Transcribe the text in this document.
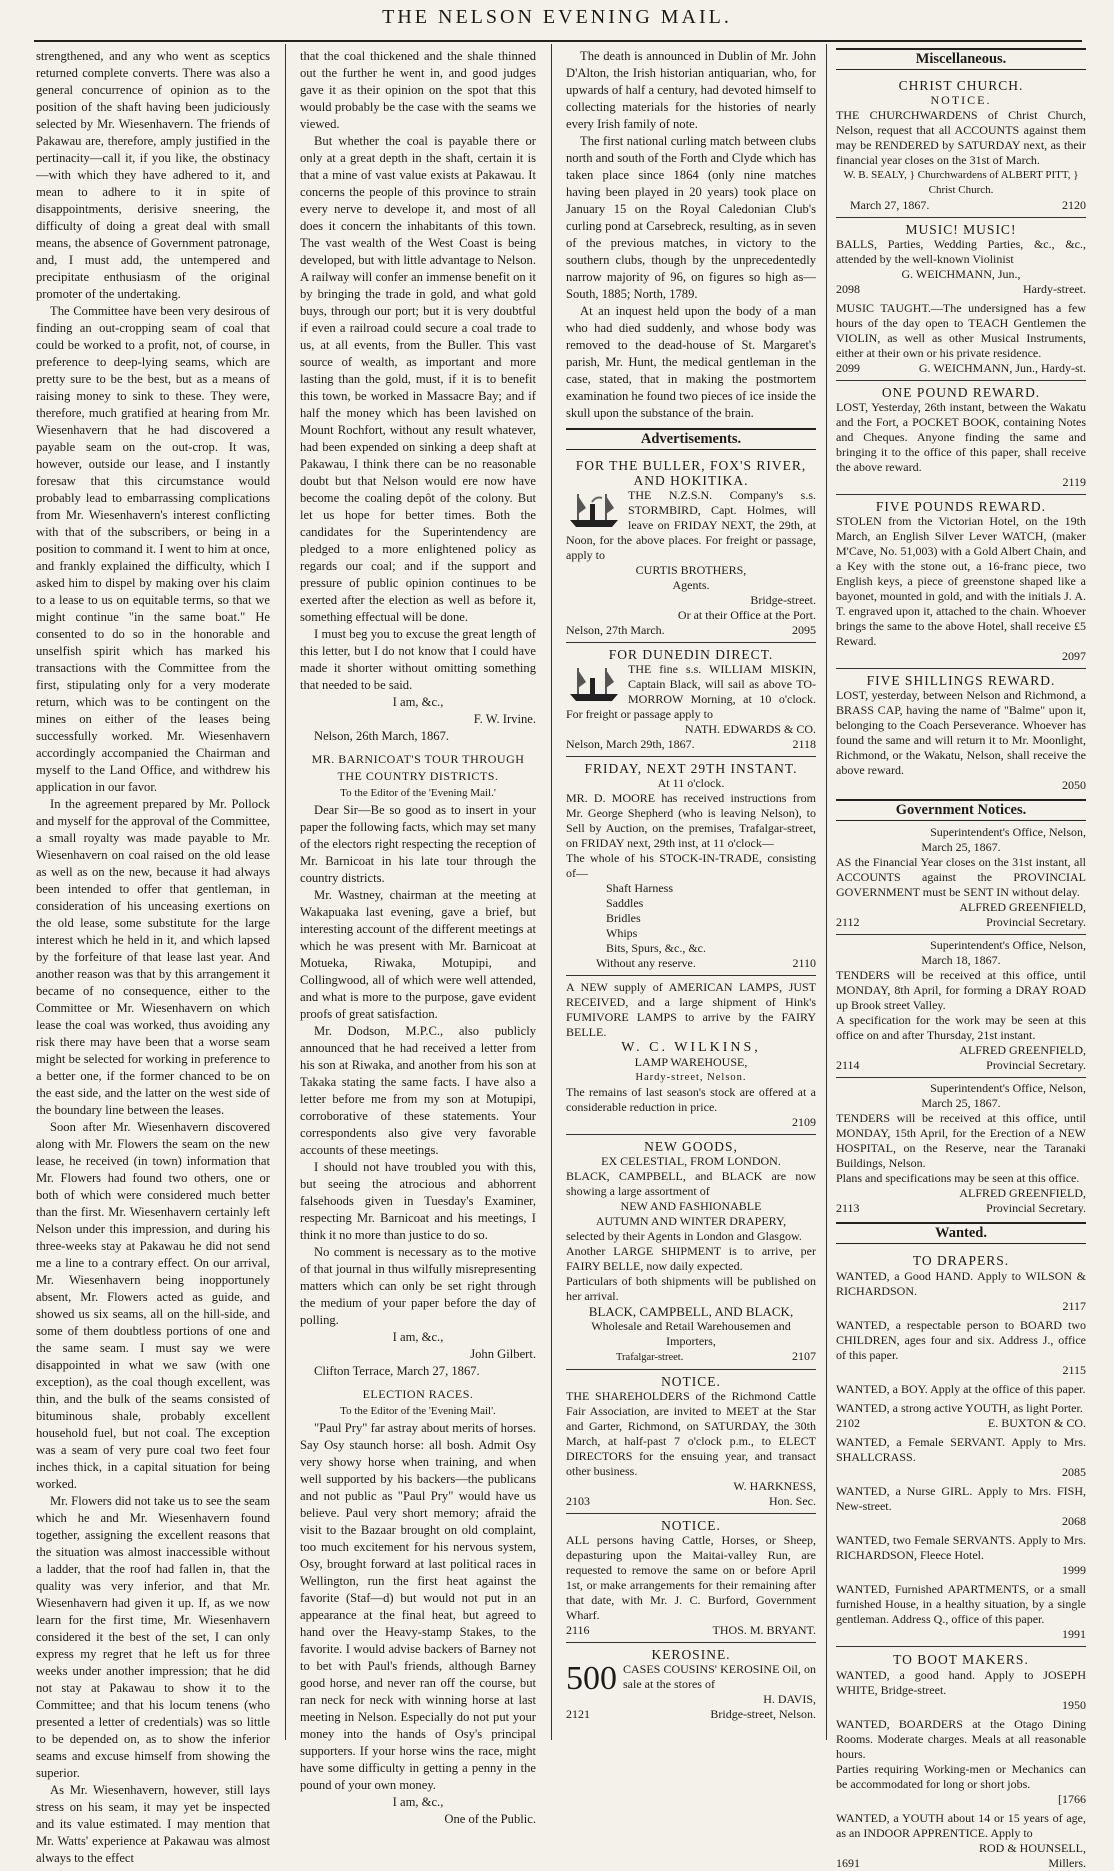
THE NELSON EVENING MAIL.

strengthened, and any who went as sceptics returned complete converts. There was also a general concurrence of opinion as to the position of the shaft having been judiciously selected by Mr. Wiesenhavern. The friends of Pakawau are, therefore, amply justified in the pertinacity—call it, if you like, the obstinacy—with which they have adhered to it, and mean to adhere to it in spite of disappointments, derisive sneering, the difficulty of doing a great deal with small means, the absence of Government patronage, and, I must add, the untempered and precipitate enthusiasm of the original promoter of the undertaking.

The Committee have been very desirous of finding an out-cropping seam of coal that could be worked to a profit, not, of course, in preference to deep-lying seams, which are pretty sure to be the best, but as a means of raising money to sink to these. They were, therefore, much gratified at hearing from Mr. Wiesenhavern that he had discovered a payable seam on the out-crop. It was, however, outside our lease, and I instantly foresaw that this circumstance would probably lead to embarrassing complications from Mr. Wiesenhavern's interest conflicting with that of the subscribers, or being in a position to command it. I went to him at once, and frankly explained the difficulty, which I asked him to dispel by making over his claim to a lease to us on equitable terms, so that we might continue "in the same boat." He consented to do so in the honorable and unselfish spirit which has marked his transactions with the Committee from the first, stipulating only for a very moderate return, which was to be contingent on the mines on either of the leases being successfully worked. Mr. Wiesenhavern accordingly accompanied the Chairman and myself to the Land Office, and withdrew his application in our favor.

In the agreement prepared by Mr. Pollock and myself for the approval of the Committee, a small royalty was made payable to Mr. Wiesenhavern on coal raised on the old lease as well as on the new, because it had always been intended to offer that gentleman, in consideration of his unceasing exertions on the old lease, some substitute for the large interest which he held in it, and which lapsed by the forfeiture of that lease last year. And another reason was that by this arrangement it became of no consequence, either to the Committee or Mr. Wiesenhavern on which lease the coal was worked, thus avoiding any risk there may have been that a worse seam might be selected for working in preference to a better one, if the former chanced to be on the east side, and the latter on the west side of the boundary line between the leases.

Soon after Mr. Wiesenhavern discovered along with Mr. Flowers the seam on the new lease, he received (in town) information that Mr. Flowers had found two others, one or both of which were considered much better than the first. Mr. Wiesenhavern certainly left Nelson under this impression, and during his three-weeks stay at Pakawau he did not send me a line to a contrary effect. On our arrival, Mr. Wiesenhavern being inopportunely absent, Mr. Flowers acted as guide, and showed us six seams, all on the hill-side, and some of them doubtless portions of one and the same seam. I must say we were disappointed in what we saw (with one exception), as the coal though excellent, was thin, and the bulk of the seams consisted of bituminous shale, probably excellent household fuel, but not coal. The exception was a seam of very pure coal two feet four inches thick, in a capital situation for being worked.

Mr. Flowers did not take us to see the seam which he and Mr. Wiesenhavern found together, assigning the excellent reasons that the situation was almost inaccessible without a ladder, that the roof had fallen in, that the quality was very inferior, and that Mr. Wiesenhavern had given it up. If, as we now learn for the first time, Mr. Wiesenhavern considered it the best of the set, I can only express my regret that he left us for three weeks under another impression; that he did not stay at Pakawau to show it to the Committee; and that his locum tenens (who presented a letter of credentials) was so little to be depended on, as to show the inferior seams and excuse himself from showing the superior.

As Mr. Wiesenhavern, however, still lays stress on his seam, it may yet be inspected and its value estimated. I may mention that Mr. Watts' experience at Pakawau was almost always to the effect

that the coal thickened and the shale thinned out the further he went in, and good judges gave it as their opinion on the spot that this would probably be the case with the seams we viewed.

But whether the coal is payable there or only at a great depth in the shaft, certain it is that a mine of vast value exists at Pakawau. It concerns the people of this province to strain every nerve to develope it, and most of all does it concern the inhabitants of this town. The vast wealth of the West Coast is being developed, but with little advantage to Nelson. A railway will confer an immense benefit on it by bringing the trade in gold, and what gold buys, through our port; but it is very doubtful if even a railroad could secure a coal trade to us, at all events, from the Buller. This vast source of wealth, as important and more lasting than the gold, must, if it is to benefit this town, be worked in Massacre Bay; and if half the money which has been lavished on Mount Rochfort, without any result whatever, had been expended on sinking a deep shaft at Pakawau, I think there can be no reasonable doubt but that Nelson would ere now have become the coaling depôt of the colony. But let us hope for better times. Both the candidates for the Superintendency are pledged to a more enlightened policy as regards our coal; and if the support and pressure of public opinion continues to be exerted after the election as well as before it, something effectual will be done.

I must beg you to excuse the great length of this letter, but I do not know that I could have made it shorter without omitting something that needed to be said.

I am, &c.,

F. W. Irvine.

Nelson, 26th March, 1867.

MR. BARNICOAT'S TOUR THROUGH THE COUNTRY DISTRICTS.

To the Editor of the 'Evening Mail.'

Dear Sir—Be so good as to insert in your paper the following facts, which may set many of the electors right respecting the reception of Mr. Barnicoat in his late tour through the country districts.

Mr. Wastney, chairman at the meeting at Wakapuaka last evening, gave a brief, but interesting account of the different meetings at which he was present with Mr. Barnicoat at Motueka, Riwaka, Motupipi, and Collingwood, all of which were well attended, and what is more to the purpose, gave evident proofs of great satisfaction.

Mr. Dodson, M.P.C., also publicly announced that he had received a letter from his son at Riwaka, and another from his son at Takaka stating the same facts. I have also a letter before me from my son at Motupipi, corroborative of these statements. Your correspondents also give very favorable accounts of these meetings.

I should not have troubled you with this, but seeing the atrocious and abhorrent falsehoods given in Tuesday's Examiner, respecting Mr. Barnicoat and his meetings, I think it no more than justice to do so.

No comment is necessary as to the motive of that journal in thus wilfully misrepresenting matters which can only be set right through the medium of your paper before the day of polling.

I am, &c.,

John Gilbert.

Clifton Terrace, March 27, 1867.

ELECTION RACES.

To the Editor of the 'Evening Mail'.

"Paul Pry" far astray about merits of horses. Say Osy staunch horse: all bosh. Admit Osy very showy horse when training, and when well supported by his backers—the publicans and not public as "Paul Pry" would have us believe. Paul very short memory; afraid the visit to the Bazaar brought on old complaint, too much excitement for his nervous system, Osy, brought forward at last political races in Wellington, run the first heat against the favorite (Staf—d) but would not put in an appearance at the final heat, but agreed to hand over the Heavy-stamp Stakes, to the favorite. I would advise backers of Barney not to bet with Paul's friends, although Barney good horse, and never ran off the course, but ran neck for neck with winning horse at last meeting in Nelson. Especially do not put your money into the hands of Osy's principal supporters. If your horse wins the race, might have some difficulty in getting a penny in the pound of your own money.

I am, &c.,

One of the Public.

The death is announced in Dublin of Mr. John D'Alton, the Irish historian antiquarian, who, for upwards of half a century, had devoted himself to collecting materials for the histories of nearly every Irish family of note.

The first national curling match between clubs north and south of the Forth and Clyde which has taken place since 1864 (only nine matches having been played in 20 years) took place on January 15 on the Royal Caledonian Club's curling pond at Carsebreck, resulting, as in seven of the previous matches, in victory to the southern clubs, though by the unprecedentedly narrow majority of 96, on figures so high as—South, 1885; North, 1789.

At an inquest held upon the body of a man who had died suddenly, and whose body was removed to the dead-house of St. Margaret's parish, Mr. Hunt, the medical gentleman in the case, stated, that in making the postmortem examination he found two pieces of ice inside the skull upon the substance of the brain.

Advertisements.

FOR THE BULLER, FOX'S RIVER, AND HOKITIKA.

THE N.Z.S.N. Company's s.s. STORMBIRD, Capt. Holmes, will leave on FRIDAY NEXT, the 29th, at Noon, for the above places. For freight or passage, apply to

CURTIS BROTHERS,

Agents.

Bridge-street.

Or at their Office at the Port.

Nelson, 27th March.	2095

FOR DUNEDIN DIRECT.

THE fine s.s. WILLIAM MISKIN, Captain Black, will sail as above TO-MORROW Morning, at 10 o'clock. For freight or passage apply to

NATH. EDWARDS & CO.

Nelson, March 29th, 1867.	2118

FRIDAY, NEXT 29TH INSTANT.

At 11 o'clock.

MR. D. MOORE has received instructions from Mr. George Shepherd (who is leaving Nelson), to Sell by Auction, on the premises, Trafalgar-street, on FRIDAY next, 29th inst, at 11 o'clock—

The whole of his STOCK-IN-TRADE, consisting of—

Shaft Harness

Saddles

Bridles

Whips

Bits, Spurs, &c., &c.

Without any reserve.	2110

A NEW supply of AMERICAN LAMPS, JUST RECEIVED, and a large shipment of Hink's FUMIVORE LAMPS to arrive by the FAIRY BELLE.

W. C. WILKINS,

LAMP WAREHOUSE,

Hardy-street, Nelson.

The remains of last season's stock are offered at a considerable reduction in price.

2109

NEW GOODS,

EX CELESTIAL, FROM LONDON.

BLACK, CAMPBELL, and BLACK are now showing a large assortment of

NEW AND FASHIONABLE

AUTUMN AND WINTER DRAPERY,

selected by their Agents in London and Glasgow.

Another LARGE SHIPMENT is to arrive, per FAIRY BELLE, now daily expected.

Particulars of both shipments will be published on her arrival.

BLACK, CAMPBELL, AND BLACK,

Wholesale and Retail Warehousemen and Importers,

Trafalgar-street.	2107

NOTICE.

THE SHAREHOLDERS of the Richmond Cattle Fair Association, are invited to MEET at the Star and Garter, Richmond, on SATURDAY, the 30th March, at half-past 7 o'clock p.m., to ELECT DIRECTORS for the ensuing year, and transact other business.

W. HARKNESS,

2103	Hon. Sec.

NOTICE.

ALL persons having Cattle, Horses, or Sheep, depasturing upon the Maitai-valley Run, are requested to remove the same on or before April 1st, or make arrangements for their remaining after that date, with Mr. J. C. Burford, Government Wharf.

2116	THOS. M. BRYANT.

KEROSINE.

500 CASES COUSINS' KEROSINE Oil, on sale at the stores of

H. DAVIS,

2121	Bridge-street, Nelson.

Miscellaneous.

CHRIST CHURCH.

NOTICE.

THE CHURCHWARDENS of Christ Church, Nelson, request that all ACCOUNTS against them may be RENDERED by SATURDAY next, as their financial year closes on the 31st of March.

W. B. SEALY, } Churchwardens of ALBERT PITT, } Christ Church.

March 27, 1867.	2120

MUSIC! MUSIC!

BALLS, Parties, Wedding Parties, &c., &c., attended by the well-known Violinist

G. WEICHMANN, Jun.,

2098	Hardy-street.

MUSIC TAUGHT.—The undersigned has a few hours of the day open to TEACH Gentlemen the VIOLIN, as well as other Musical Instruments, either at their own or his private residence.

2099	G. WEICHMANN, Jun., Hardy-st.

ONE POUND REWARD.

LOST, Yesterday, 26th instant, between the Wakatu and the Fort, a POCKET BOOK, containing Notes and Cheques. Anyone finding the same and bringing it to the office of this paper, shall receive the above reward.

2119

FIVE POUNDS REWARD.

STOLEN from the Victorian Hotel, on the 19th March, an English Silver Lever WATCH, (maker M'Cave, No. 51,003) with a Gold Albert Chain, and a Key with the stone out, a 16-franc piece, two English keys, a piece of greenstone shaped like a bayonet, mounted in gold, and with the initials J. A. T. engraved upon it, attached to the chain. Whoever brings the same to the above Hotel, shall receive £5 Reward.

2097

FIVE SHILLINGS REWARD.

LOST, yesterday, between Nelson and Richmond, a BRASS CAP, having the name of "Balme" upon it, belonging to the Coach Perseverance. Whoever has found the same and will return it to Mr. Moonlight, Richmond, or the Wakatu, Nelson, shall receive the above reward.

2050

Government Notices.

Superintendent's Office, Nelson,

March 25, 1867.

AS the Financial Year closes on the 31st instant, all ACCOUNTS against the PROVINCIAL GOVERNMENT must be SENT IN without delay.

ALFRED GREENFIELD,

2112	Provincial Secretary.

Superintendent's Office, Nelson,

March 18, 1867.

TENDERS will be received at this office, until MONDAY, 8th April, for forming a DRAY ROAD up Brook street Valley.

A specification for the work may be seen at this office on and after Thursday, 21st instant.

ALFRED GREENFIELD,

2114	Provincial Secretary.

Superintendent's Office, Nelson,

March 25, 1867.

TENDERS will be received at this office, until MONDAY, 15th April, for the Erection of a NEW HOSPITAL, on the Reserve, near the Taranaki Buildings, Nelson.

Plans and specifications may be seen at this office.

ALFRED GREENFIELD,

2113	Provincial Secretary.

Wanted.

TO DRAPERS.

WANTED, a Good HAND. Apply to WILSON & RICHARDSON.

2117

WANTED, a respectable person to BOARD two CHILDREN, ages four and six. Address J., office of this paper.

2115

WANTED, a BOY. Apply at the office of this paper.

WANTED, a strong active YOUTH, as light Porter.

2102	E. BUXTON & CO.

WANTED, a Female SERVANT. Apply to Mrs. SHALLCRASS.

2085

WANTED, a Nurse GIRL. Apply to Mrs. FISH, New-street.

2068

WANTED, two Female SERVANTS. Apply to Mrs. RICHARDSON, Fleece Hotel.

1999

WANTED, Furnished APARTMENTS, or a small furnished House, in a healthy situation, by a single gentleman. Address Q., office of this paper.

1991

TO BOOT MAKERS.

WANTED, a good hand. Apply to JOSEPH WHITE, Bridge-street.

1950

WANTED, BOARDERS at the Otago Dining Rooms. Moderate charges. Meals at all reasonable hours.

Parties requiring Working-men or Mechanics can be accommodated for long or short jobs.

[1766

WANTED, a YOUTH about 14 or 15 years of age, as an INDOOR APPRENTICE. Apply to

ROD & HOUNSELL,

1691	Millers.
